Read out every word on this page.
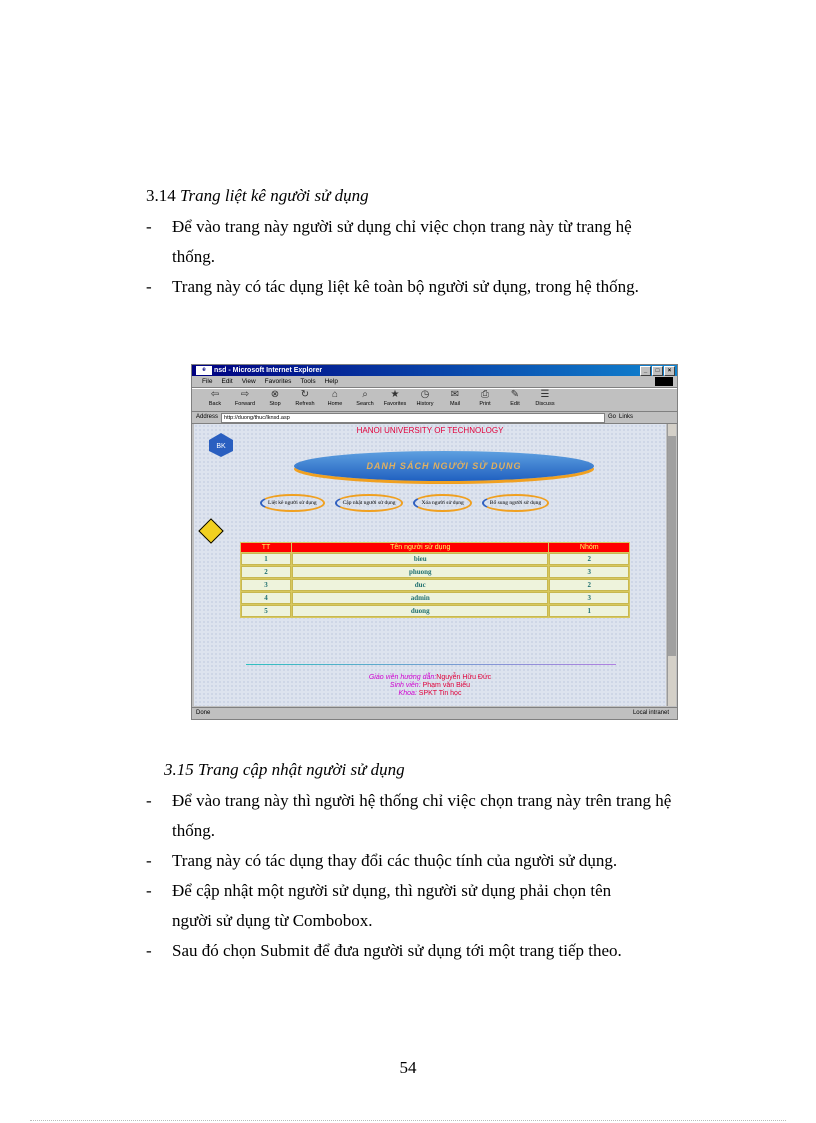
3.14 Trang liệt kê người sử dụng
- Để vào trang này người sử dụng chỉ việc chọn trang này từ trang hệ
thống.
- Trang này có tác dụng liệt kê toàn bộ người sử dụng, trong hệ thống.
e	nsd - Microsoft Internet Explorer	_	□	×
File Edit View Favorites Tools Help
⇦
Back
⇨
Forward
⊗
Stop
↻
Refresh
⌂
Home
⌕
Search
★
Favorites
◷
History
✉
Mail
⎙
Print
✎
Edit
☰
Discuss
Address	http://duong/thuc/lknsd.asp	Go Links
HANOI UNIVERSITY OF TECHNOLOGY
BK
DANH SÁCH NGƯỜI SỬ DỤNG
Liệt kê người sử dụng	Cập nhật người sử dụng	Xóa người sử dụng	Bổ sung người sử dụng
TT	Tên người sử dụng	Nhóm
1	bieu	2
2	phuong	3
3	duc	2
4	admin	3
5	duong	1
Giáo viên hướng dẫn:Nguyễn Hữu Đức
Sinh viên: Phạm văn Biểu
Khoa: SPKT Tin học
Done	Local intranet
3.15 Trang cập nhật người sử dụng
- Để vào trang này thì người hệ thống chỉ việc chọn trang này trên trang hệ
thống.
- Trang này có tác dụng thay đổi các thuộc tính của người sử dụng.
- Để cập nhật một người sử dụng, thì người sử dụng phải chọn tên
người sử dụng từ Combobox.
- Sau đó chọn Submit để đưa người sử dụng tới một trang tiếp theo.
54
